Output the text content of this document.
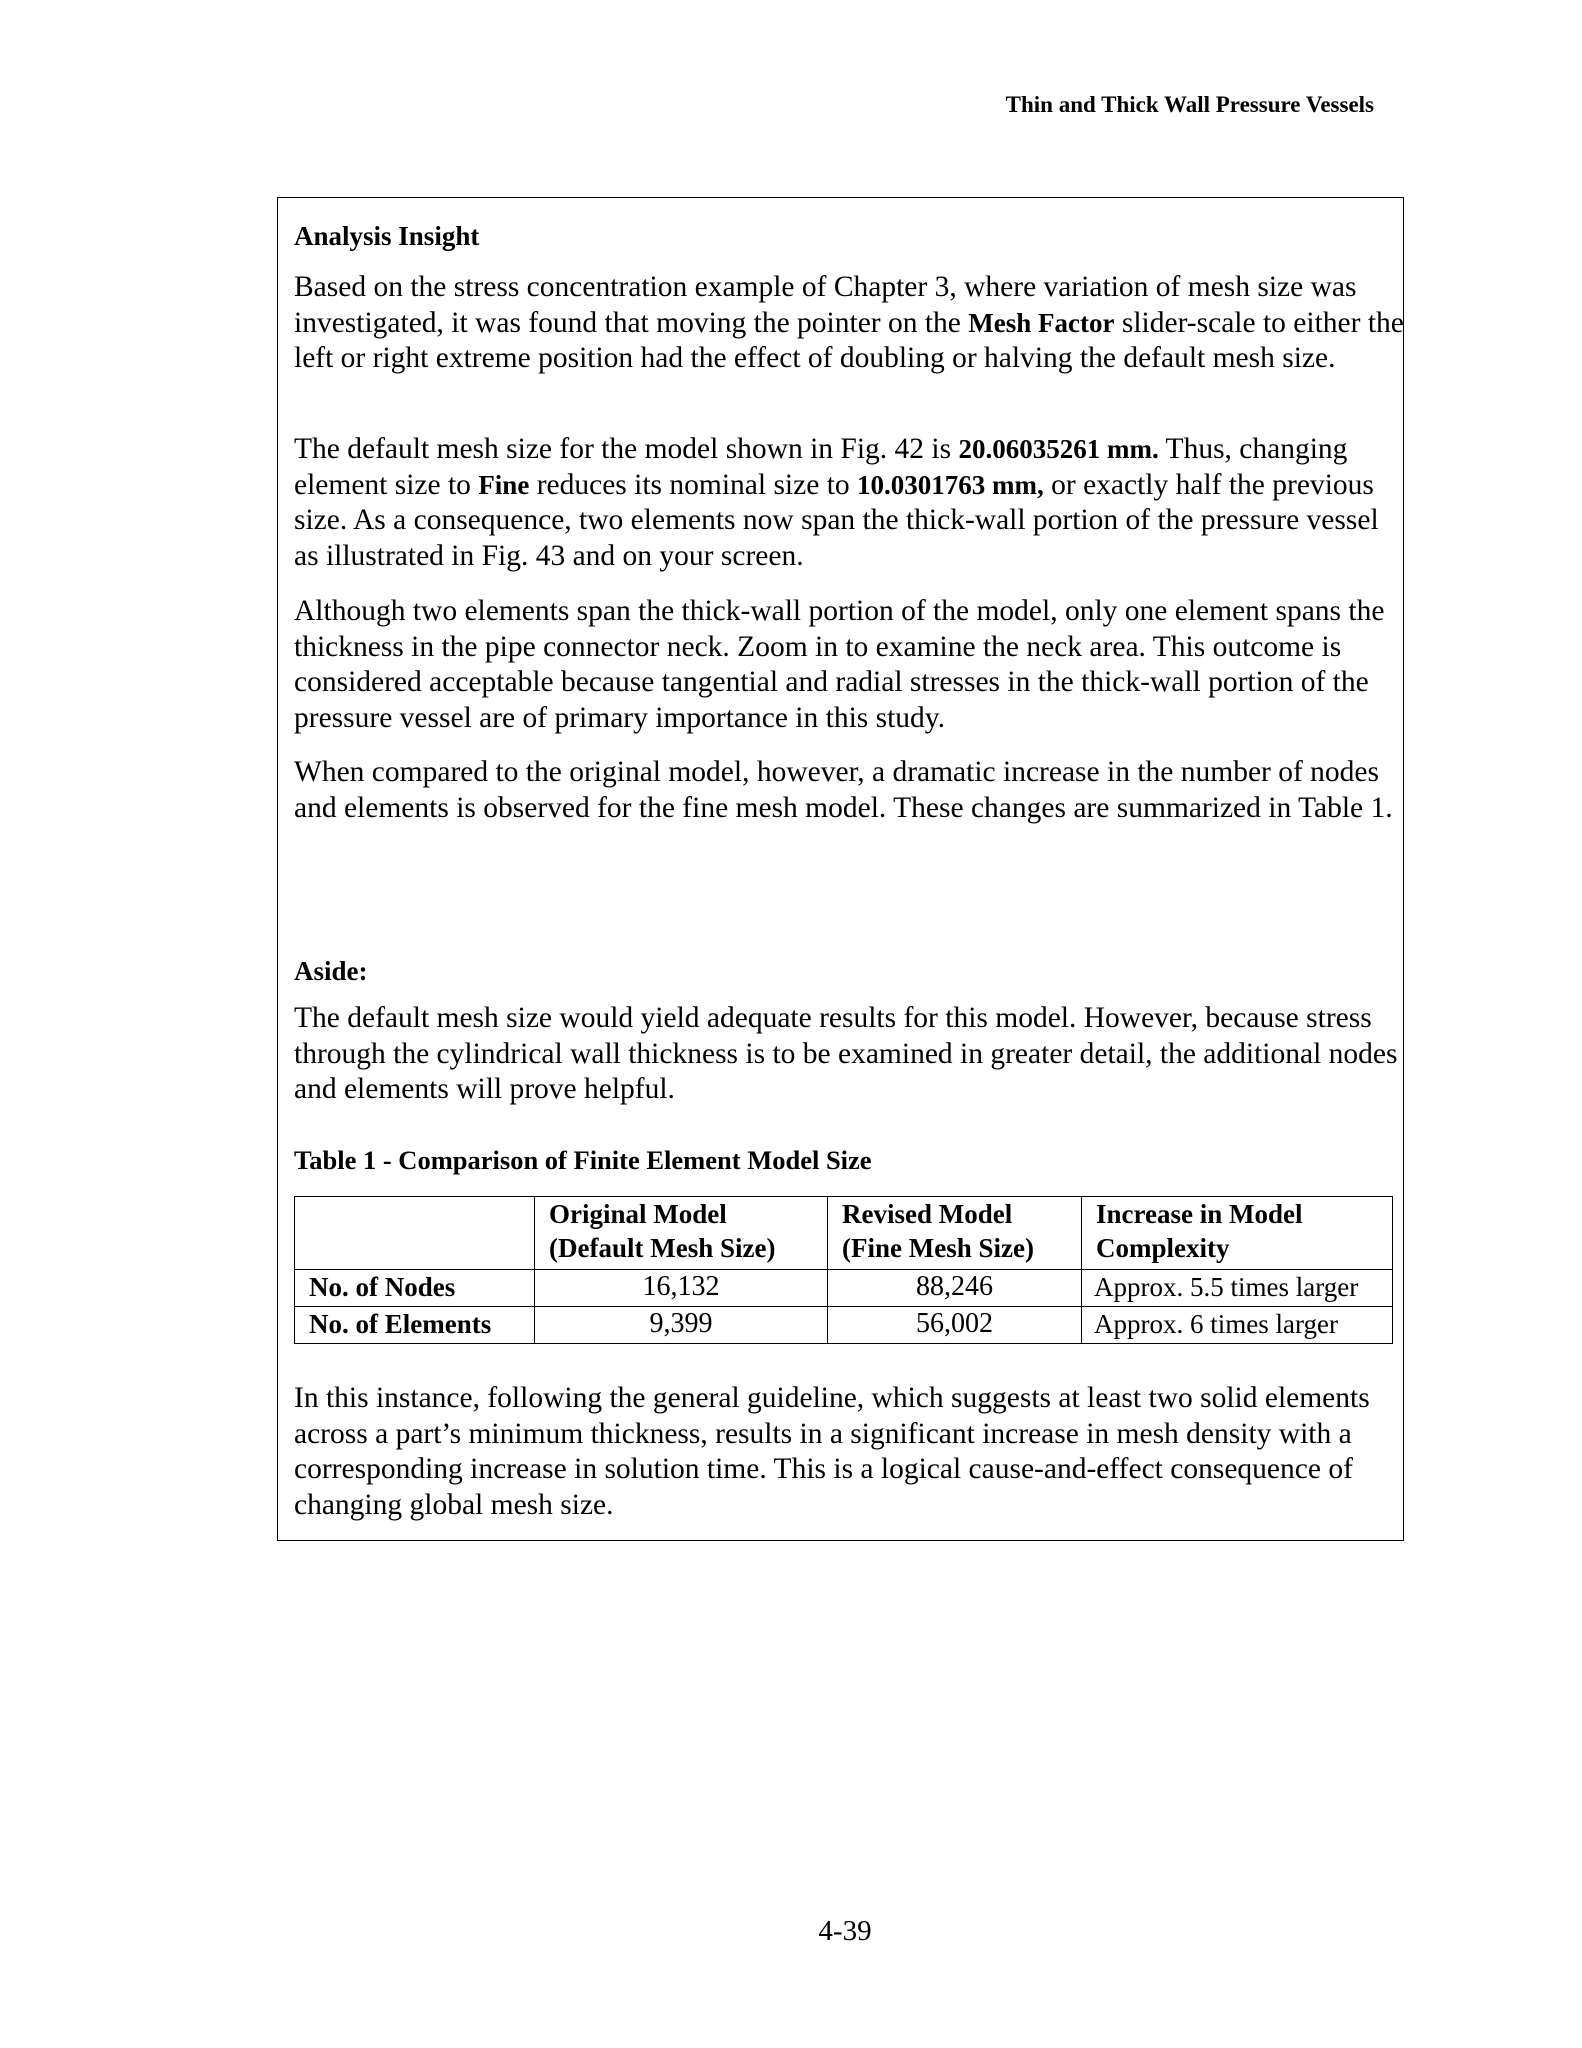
Thin and Thick Wall Pressure Vessels
Analysis Insight

Based on the stress concentration example of Chapter 3, where variation of mesh size was investigated, it was found that moving the pointer on the Mesh Factor slider-scale to either the left or right extreme position had the effect of doubling or halving the default mesh size.

The default mesh size for the model shown in Fig. 42 is 20.06035261 mm. Thus, changing element size to Fine reduces its nominal size to 10.0301763 mm, or exactly half the previous size. As a consequence, two elements now span the thick-wall portion of the pressure vessel as illustrated in Fig. 43 and on your screen.

Although two elements span the thick-wall portion of the model, only one element spans the thickness in the pipe connector neck. Zoom in to examine the neck area. This outcome is considered acceptable because tangential and radial stresses in the thick-wall portion of the pressure vessel are of primary importance in this study.

When compared to the original model, however, a dramatic increase in the number of nodes and elements is observed for the fine mesh model. These changes are summarized in Table 1.

Aside:

The default mesh size would yield adequate results for this model. However, because stress through the cylindrical wall thickness is to be examined in greater detail, the additional nodes and elements will prove helpful.

Table 1 - Comparison of Finite Element Model Size
	Original Model (Default Mesh Size)	Revised Model (Fine Mesh Size)	Increase in Model Complexity
No. of Nodes	16,132	88,246	Approx. 5.5 times larger
No. of Elements	9,399	56,002	Approx. 6 times larger

In this instance, following the general guideline, which suggests at least two solid elements across a part’s minimum thickness, results in a significant increase in mesh density with a corresponding increase in solution time. This is a logical cause-and-effect consequence of changing global mesh size.

4-39
